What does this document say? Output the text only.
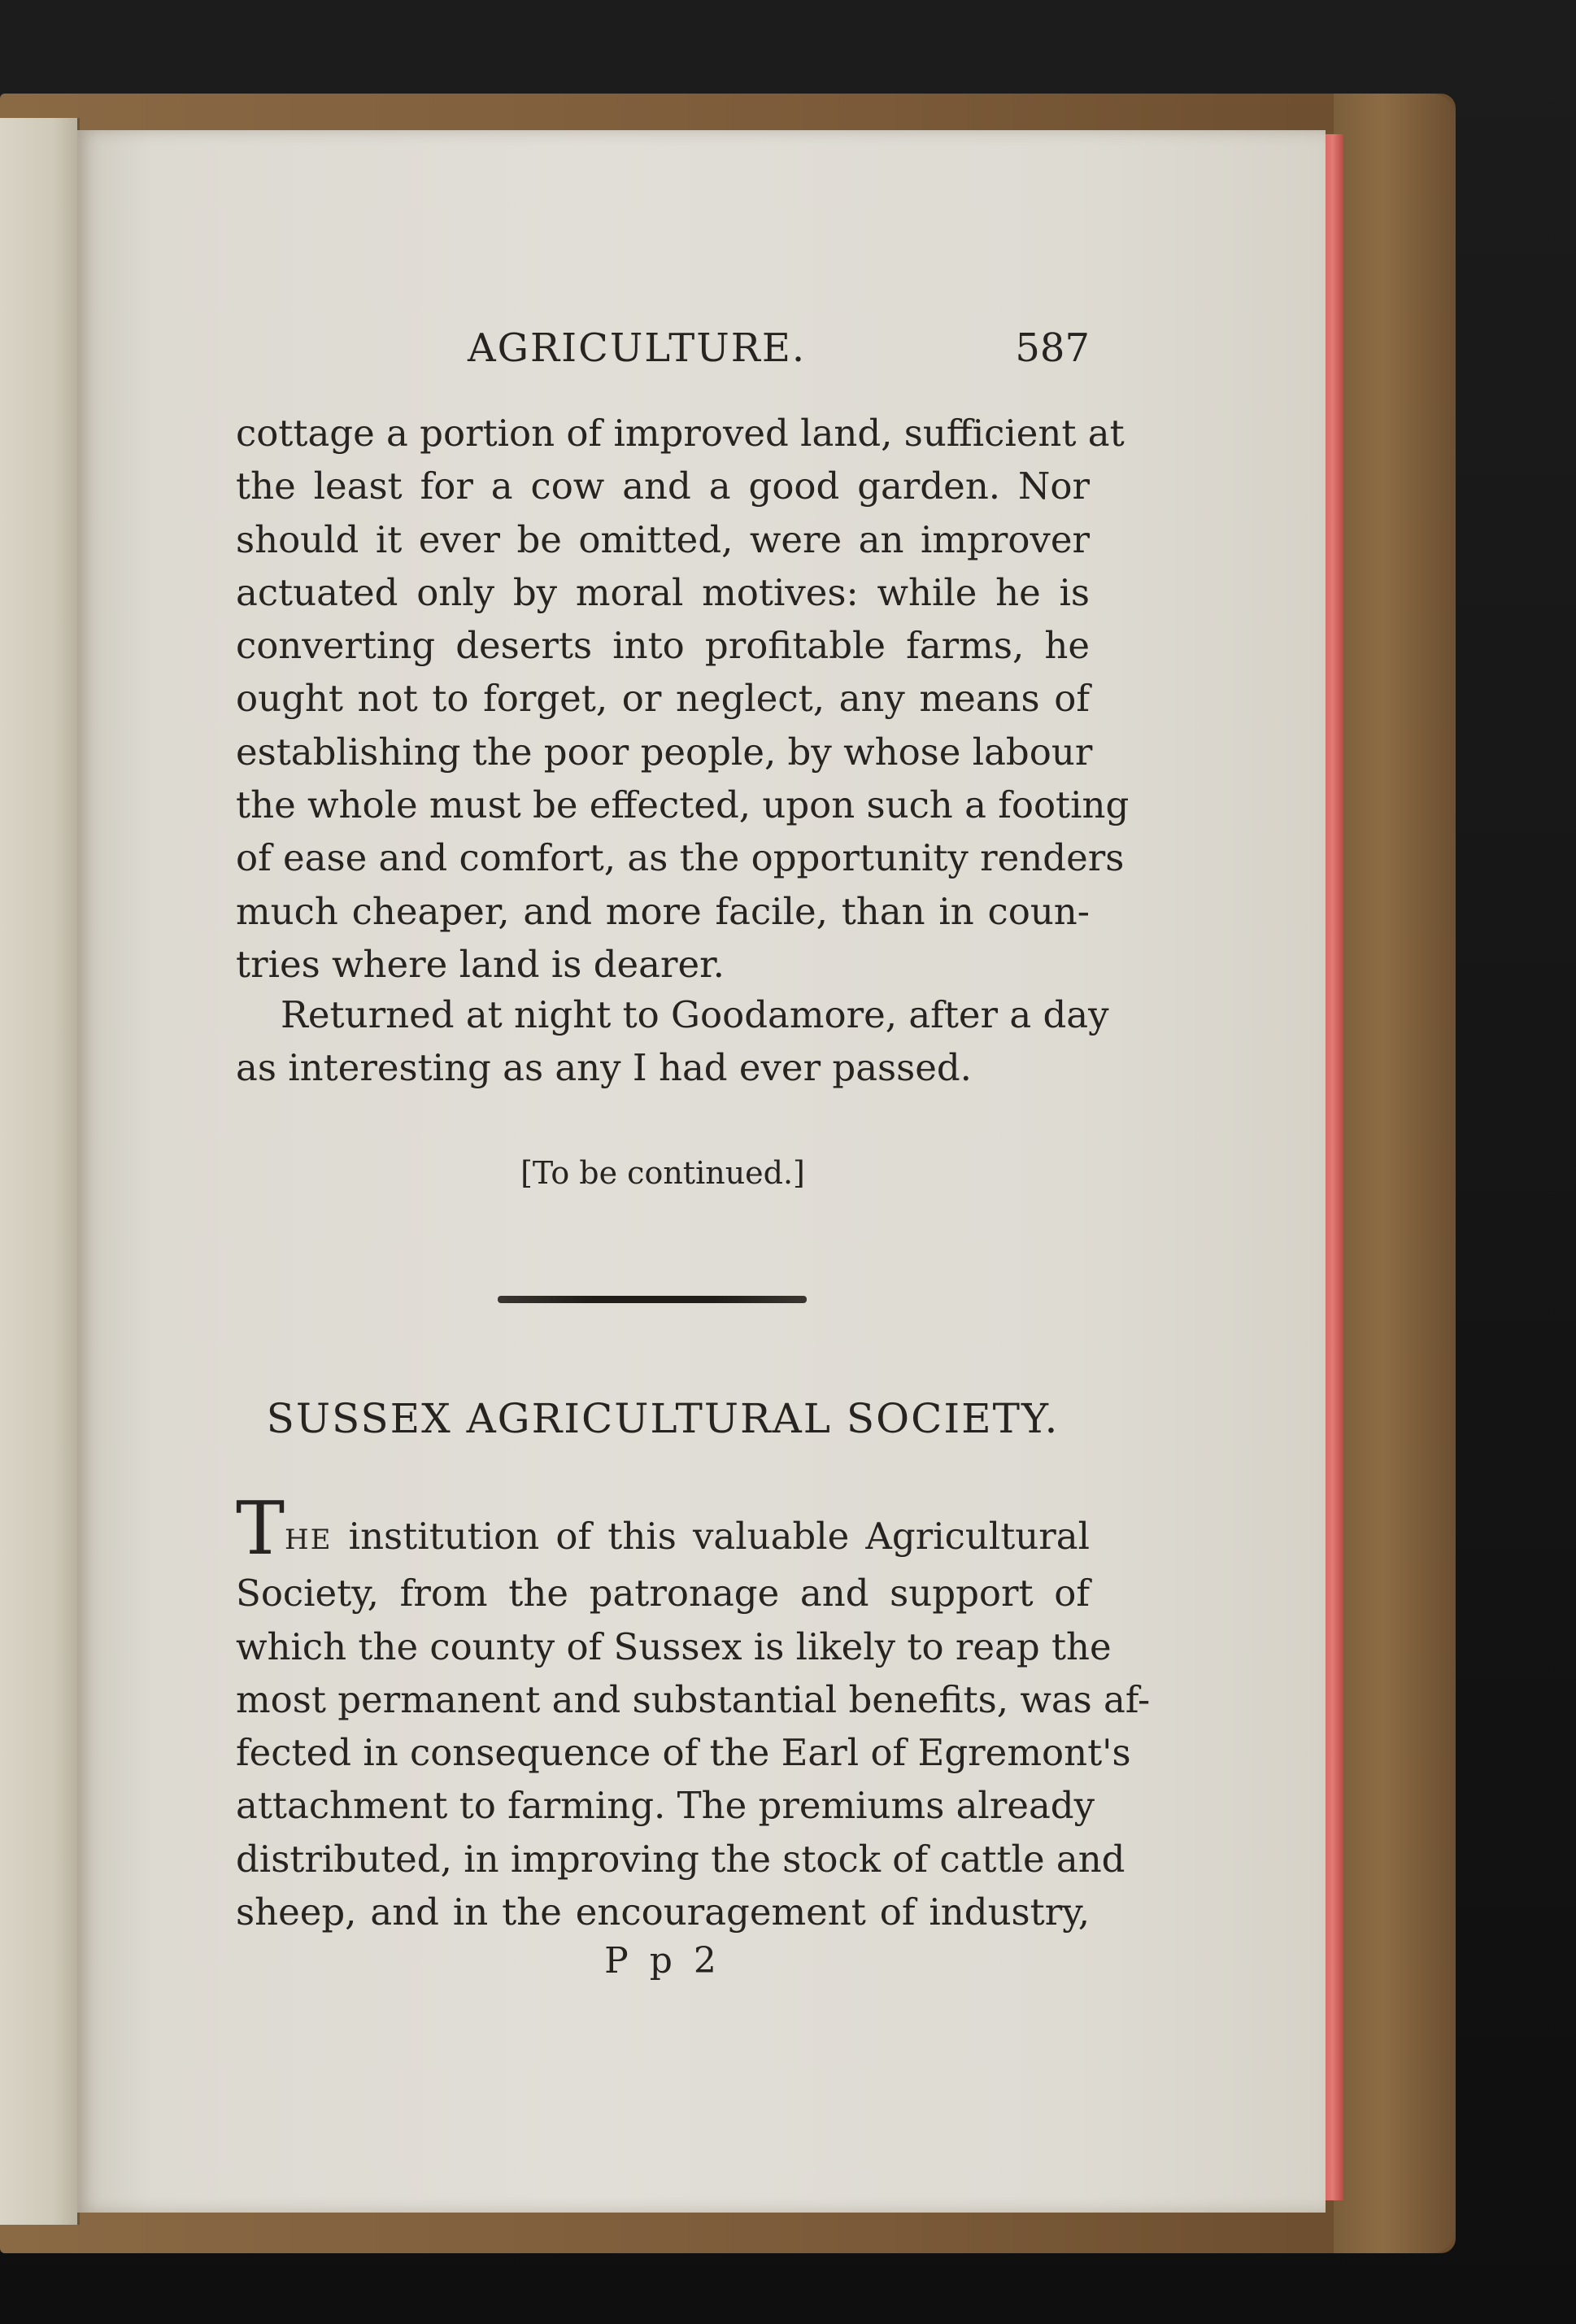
AGRICULTURE.	587

cottage a portion of improved land, sufficient at
the least for a cow and a good garden. Nor
should it ever be omitted, were an improver
actuated only by moral motives: while he is
converting deserts into profitable farms, he
ought not to forget, or neglect, any means of
establishing the poor people, by whose labour
the whole must be effected, upon such a footing
of ease and comfort, as the opportunity renders
much cheaper, and more facile, than in coun-
tries where land is dearer.

Returned at night to Goodamore, after a day
as interesting as any I had ever passed.

[To be continued.]
SUSSEX AGRICULTURAL SOCIETY.

THE institution of this valuable Agricultural
Society, from the patronage and support of
which the county of Sussex is likely to reap the
most permanent and substantial benefits, was af-
fected in consequence of the Earl of Egremont's
attachment to farming. The premiums already
distributed, in improving the stock of cattle and
sheep, and in the encouragement of industry,

P p 2
